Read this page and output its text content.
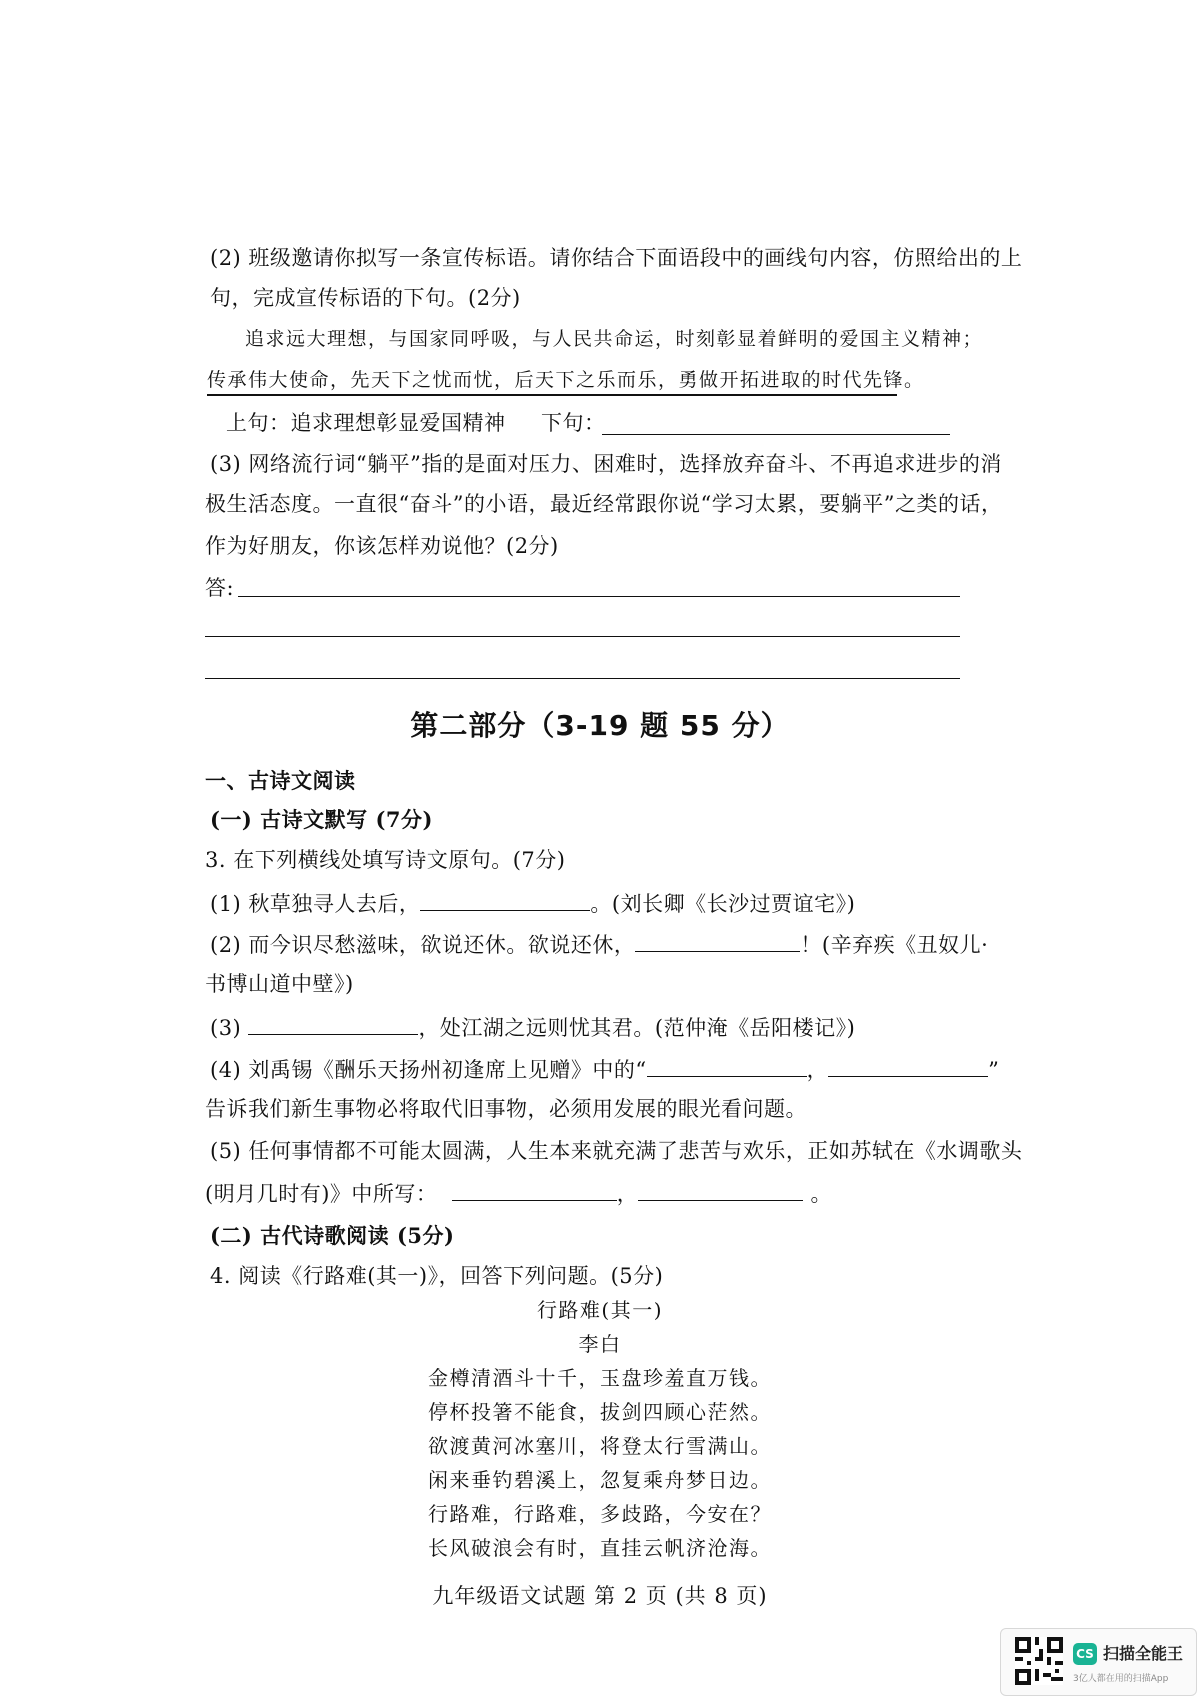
(2) 班级邀请你拟写一条宣传标语。请你结合下面语段中的画线句内容，仿照给出的上
句，完成宣传标语的下句。(2分)
追求远大理想，与国家同呼吸，与人民共命运，时刻彰显着鲜明的爱国主义精神；
传承伟大使命，先天下之忧而忧，后天下之乐而乐，勇做开拓进取的时代先锋。
上句：追求理想彰显爱国精神 下句：
(3) 网络流行词“躺平”指的是面对压力、困难时，选择放弃奋斗、不再追求进步的消
极生活态度。一直很“奋斗”的小语，最近经常跟你说“学习太累，要躺平”之类的话，
作为好朋友，你该怎样劝说他？(2分)
答:
第二部分（3-19 题 55 分）
一、古诗文阅读
(一) 古诗文默写 (7分)
3. 在下列横线处填写诗文原句。(7分)
(1) 秋草独寻人去后，	。(刘长卿《长沙过贾谊宅》)
(2) 而今识尽愁滋味，欲说还休。欲说还休，	！(辛弃疾《丑奴儿·
书博山道中壁》)
(3)	，处江湖之远则忧其君。(范仲淹《岳阳楼记》)
(4) 刘禹锡《酬乐天扬州初逢席上见赠》中的“	，	”
告诉我们新生事物必将取代旧事物，必须用发展的眼光看问题。
(5) 任何事情都不可能太圆满，人生本来就充满了悲苦与欢乐，正如苏轼在《水调歌头
(明月几时有)》中所写：	，	。
(二) 古代诗歌阅读 (5分)
4. 阅读《行路难(其一)》，回答下列问题。(5分)
行路难(其一)
李白
金樽清酒斗十千，玉盘珍羞直万钱。
停杯投箸不能食，拔剑四顾心茫然。
欲渡黄河冰塞川，将登太行雪满山。
闲来垂钓碧溪上，忽复乘舟梦日边。
行路难，行路难，多歧路，今安在？
长风破浪会有时，直挂云帆济沧海。
九年级语文试题 第 2 页 (共 8 页)
CS 扫描全能王
3亿人都在用的扫描App
